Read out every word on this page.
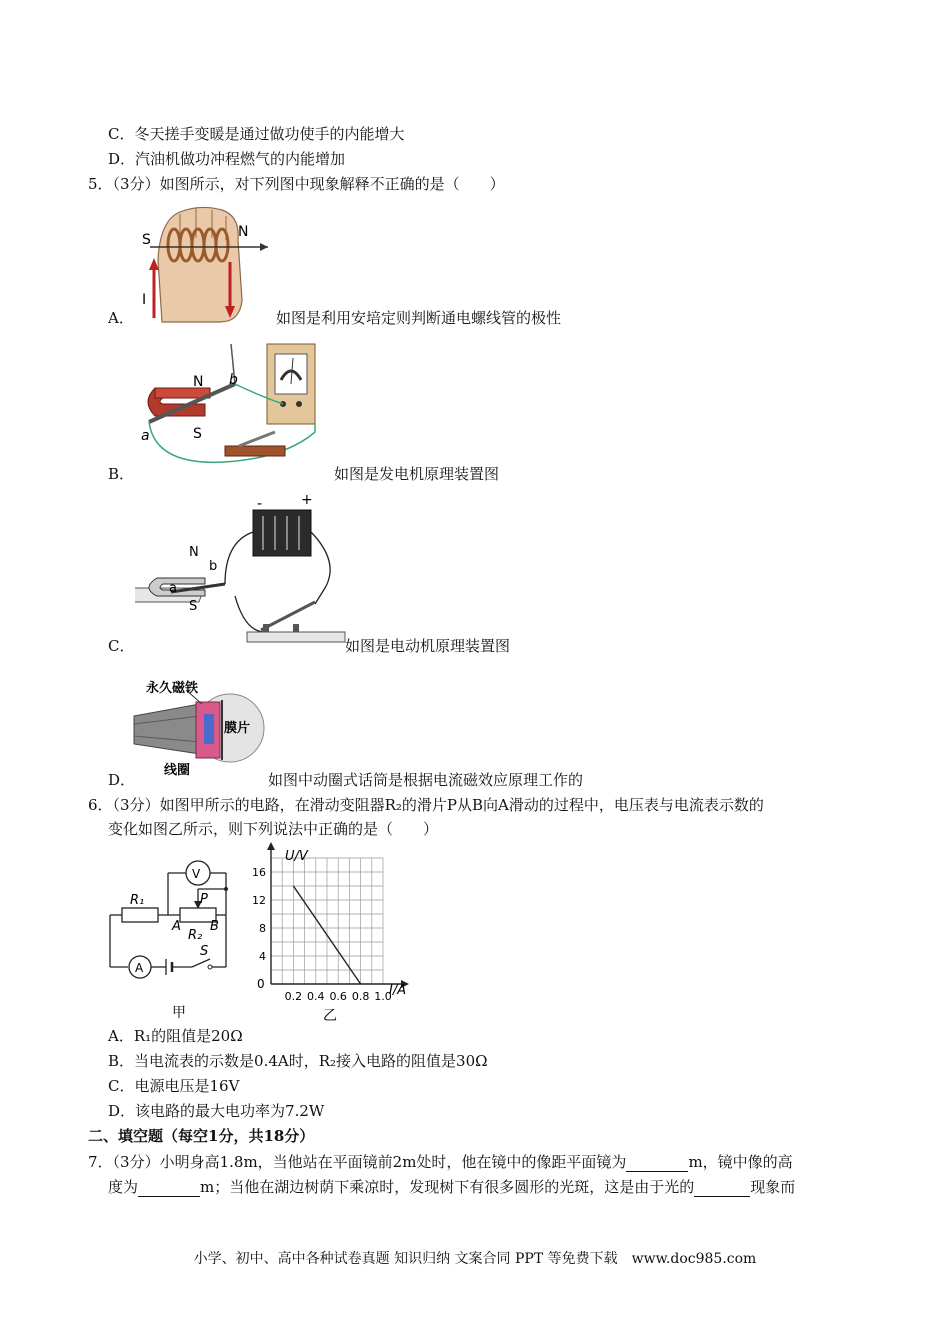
C．冬天搓手变暖是通过做功使手的内能增大
D．汽油机做功冲程燃气的内能增加
5．（3分）如图所示，对下列图中现象解释不正确的是（　　）
S	N
I
A．	如图是利用安培定则判断通电螺线管的极性
N
S
a
b
B．	如图是发电机原理装置图
N
S
a
b
-	+
C．	如图是电动机原理装置图
永久磁铁
膜片
线圈
D．	如图中动圈式话筒是根据电流磁效应原理工作的
6．（3分）如图甲所示的电路，在滑动变阻器R₂的滑片P从B向A滑动的过程中，电压表与电流表示数的
变化如图乙所示，则下列说法中正确的是（　　）
V
R₁	P
A B
R₂
S
A
甲
0.2 0.4 0.6 0.8 1.0
4
8
12
16
U/V
I/A
0
乙
A．R₁的阻值是20Ω
B．当电流表的示数是0.4A时，R₂接入电路的阻值是30Ω
C．电源电压是16V
D．该电路的最大电功率为7.2W
二、填空题（每空1分，共18分）
7．（3分）小明身高1.8m，当他站在平面镜前2m处时，他在镜中的像距平面镜为	m，镜中像的高
度为	m；当他在湖边树荫下乘凉时，发现树下有很多圆形的光斑，这是由于光的	现象而
小学、初中、高中各种试卷真题 知识归纳 文案合同 PPT 等免费下载　www.doc985.com
